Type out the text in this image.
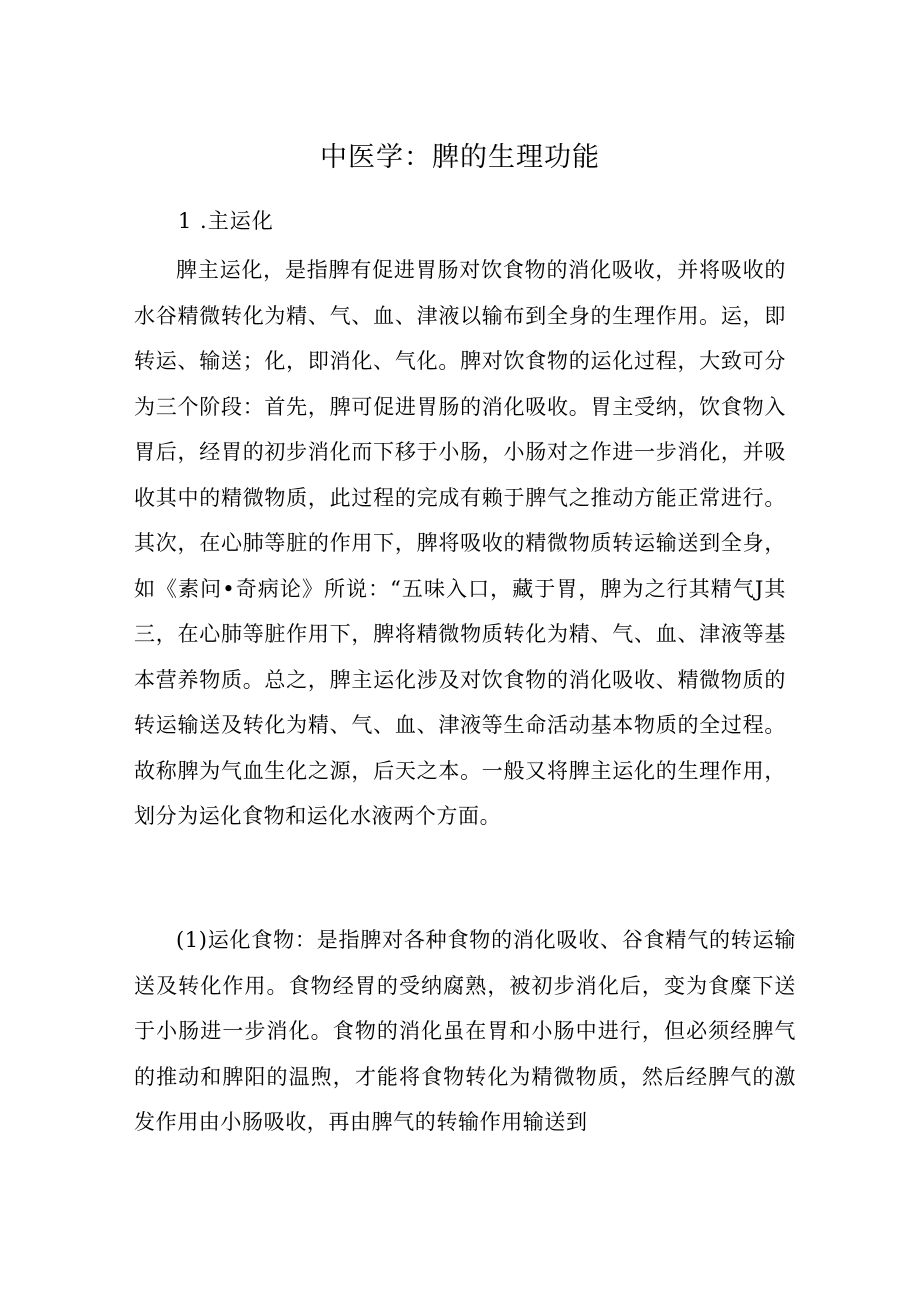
中医学：脾的生理功能
1 .主运化

脾主运化，是指脾有促进胃肠对饮食物的消化吸收，并将吸收的水谷精微转化为精、气、血、津液以输布到全身的生理作用。运，即转运、输送；化，即消化、气化。脾对饮食物的运化过程，大致可分为三个阶段：首先，脾可促进胃肠的消化吸收。胃主受纳，饮食物入胃后，经胃的初步消化而下移于小肠，小肠对之作进一步消化，并吸收其中的精微物质，此过程的完成有赖于脾气之推动方能正常进行。其次，在心肺等脏的作用下，脾将吸收的精微物质转运输送到全身，如《素问•奇病论》所说：“五味入口，藏于胃，脾为之行其精气J其三，在心肺等脏作用下，脾将精微物质转化为精、气、血、津液等基本营养物质。总之，脾主运化涉及对饮食物的消化吸收、精微物质的转运输送及转化为精、气、血、津液等生命活动基本物质的全过程。故称脾为气血生化之源，后天之本。一般又将脾主运化的生理作用，划分为运化食物和运化水液两个方面。

(1)运化食物：是指脾对各种食物的消化吸收、谷食精气的转运输送及转化作用。食物经胃的受纳腐熟，被初步消化后，变为食糜下送于小肠进一步消化。食物的消化虽在胃和小肠中进行，但必须经脾气的推动和脾阳的温煦，才能将食物转化为精微物质，然后经脾气的激发作用由小肠吸收，再由脾气的转输作用输送到
